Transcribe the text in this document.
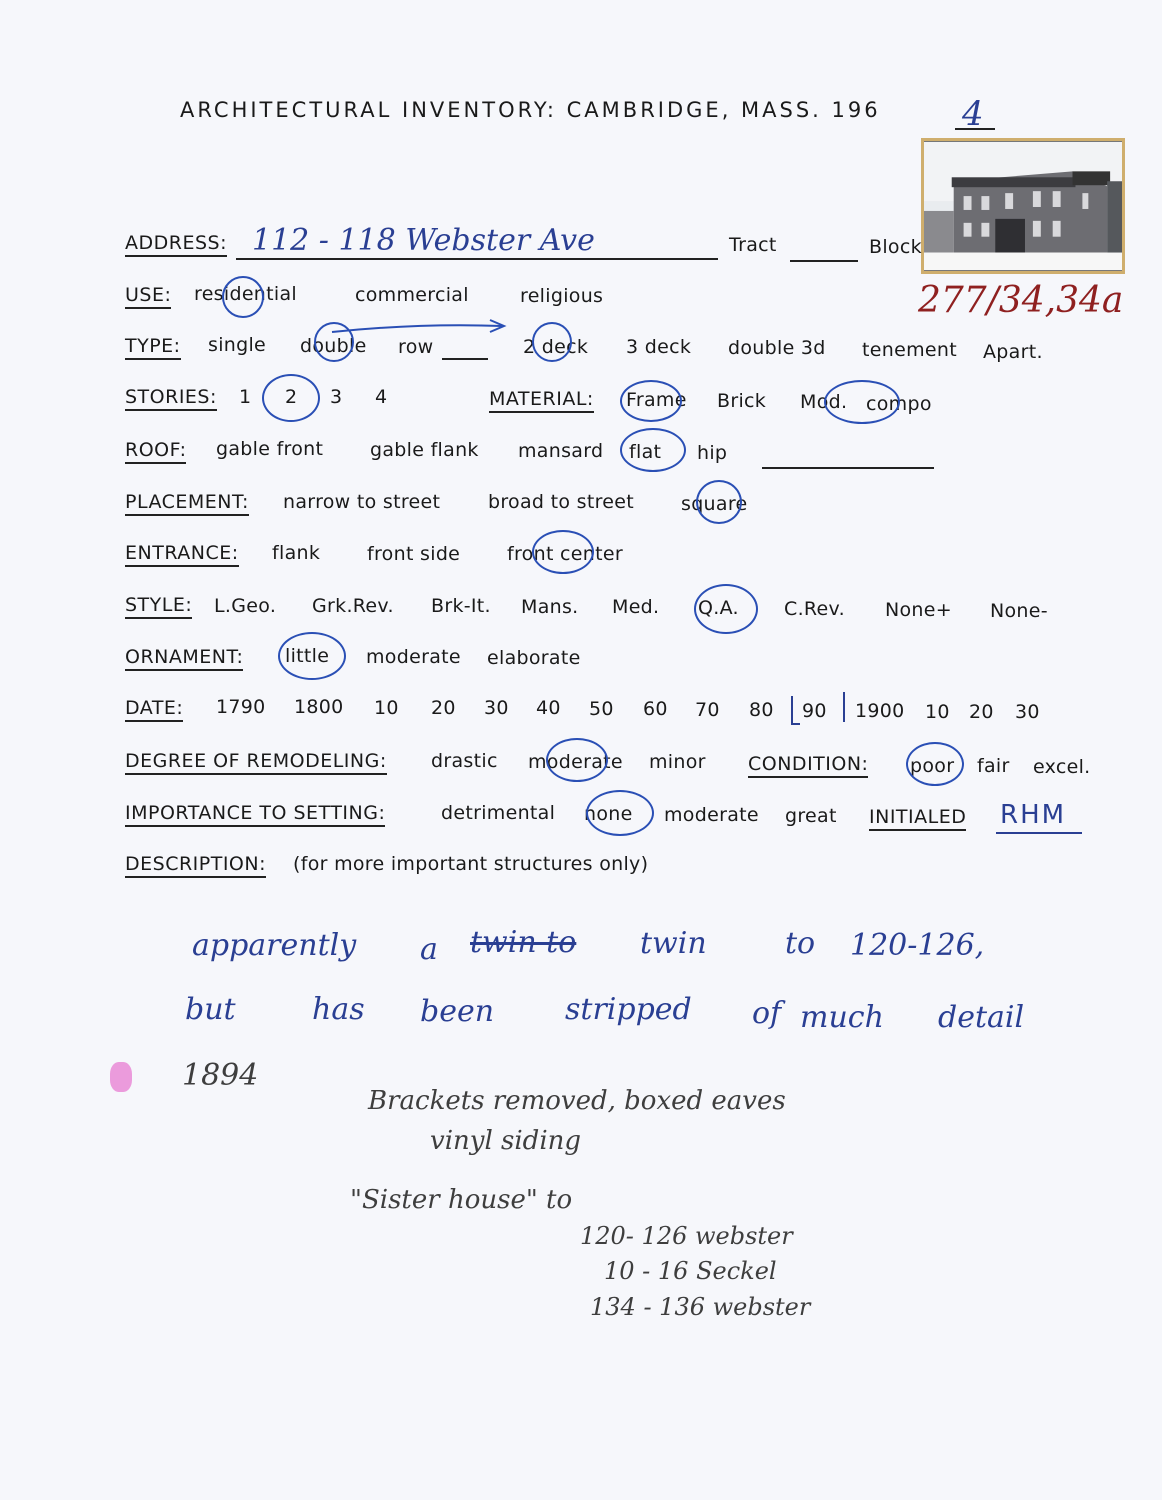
ARCHITECTURAL INVENTORY: CAMBRIDGE, MASS. 196 4
ADDRESS: 112 - 118 Webster Ave	Tract	Block
277/34,34a
USE: residential	commercial	religious
TYPE: single double row	2 deck 3 deck double 3d tenement Apart.
STORIES: 1 2 3 4	MATERIAL: Frame Brick Mod. compo
ROOF: gable front gable flank mansard flat hip
PLACEMENT: narrow to street	broad to street square
ENTRANCE: flank front side front center
STYLE: L.Geo. Grk.Rev. Brk-It. Mans. Med. Q.A. C.Rev. None+ None-
ORNAMENT: little moderate elaborate
DATE: 1790 1800 10 20 30 40 50 60 70 80 90 1900 10 20 30
DEGREE OF REMODELING: drastic moderate minor CONDITION: poor fair excel.
IMPORTANCE TO SETTING:	detrimental none moderate great INITIALED RHM
DESCRIPTION: (for more important structures only)
apparently a twin to twin	to 120-126,
but	has been stripped of much detail
1894
Brackets removed, boxed eaves
vinyl siding
"Sister house" to
120- 126 webster
10 - 16 Seckel
134 - 136 webster
